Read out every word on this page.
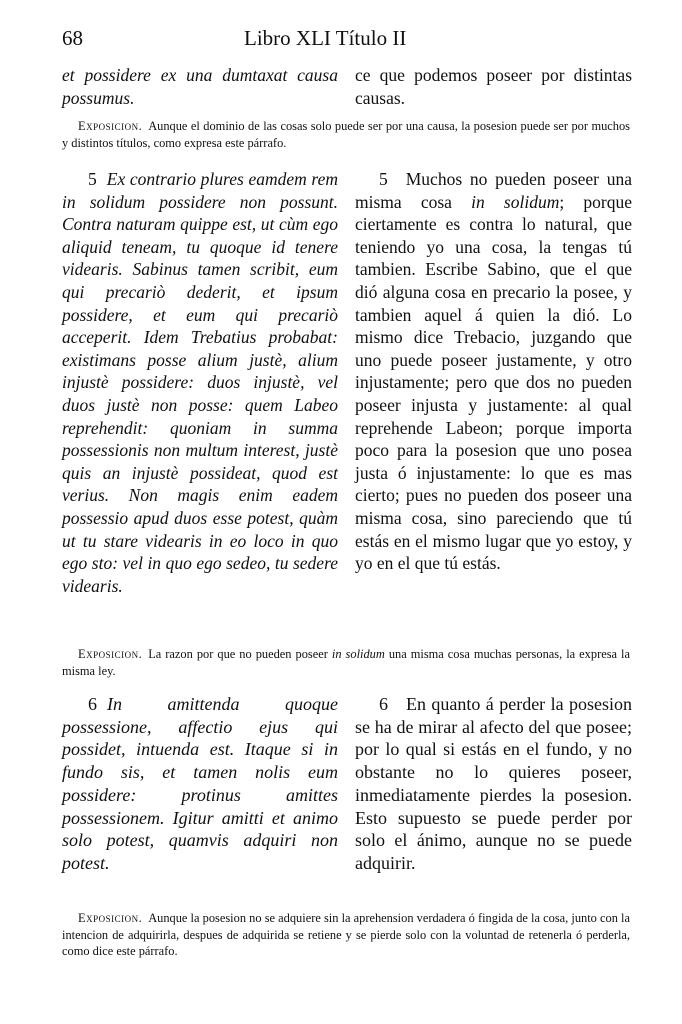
68	Libro XLI Título II
et possidere ex una dumtaxat causa possumus.
ce que podemos poseer por distintas causas.
Exposicion. Aunque el dominio de las cosas solo puede ser por una causa, la posesion puede ser por muchos y distintos títulos, como expresa este párrafo.
5 Ex contrario plures eamdem rem in solidum possidere non possunt. Contra naturam quippe est, ut cùm ego aliquid teneam, tu quoque id tenere videaris. Sabinus tamen scribit, eum qui precariò dederit, et ipsum possidere, et eum qui precariò acceperit. Idem Trebatius probabat: existimans posse alium justè, alium injustè possidere: duos injustè, vel duos justè non posse: quem Labeo reprehendit: quoniam in summa possessionis non multum interest, justè quis an injustè possideat, quod est verius. Non magis enim eadem possessio apud duos esse potest, quàm ut tu stare videaris in eo loco in quo ego sto: vel in quo ego sedeo, tu sedere videaris.
5 Muchos no pueden poseer una misma cosa in solidum; porque ciertamente es contra lo natural, que teniendo yo una cosa, la tengas tú tambien. Escribe Sabino, que el que dió alguna cosa en precario la posee, y tambien aquel á quien la dió. Lo mismo dice Trebacio, juzgando que uno puede poseer justamente, y otro injustamente; pero que dos no pueden poseer injusta y justamente: al qual reprehende Labeon; porque importa poco para la posesion que uno posea justa ó injustamente: lo que es mas cierto; pues no pueden dos poseer una misma cosa, sino pareciendo que tú estás en el mismo lugar que yo estoy, y yo en el que tú estás.
Exposicion. La razon por que no pueden poseer in solidum una misma cosa muchas personas, la expresa la misma ley.
6 In amittenda quoque possessione, affectio ejus qui possidet, intuenda est. Itaque si in fundo sis, et tamen nolis eum possidere: protinus amittes possessionem. Igitur amitti et animo solo potest, quamvis adquiri non potest.
6 En quanto á perder la posesion se ha de mirar al afecto del que posee; por lo qual si estás en el fundo, y no obstante no lo quieres poseer, inmediatamente pierdes la posesion. Esto supuesto se puede perder por solo el ánimo, aunque no se puede adquirir.
Exposicion. Aunque la posesion no se adquiere sin la aprehension verdadera ó fingida de la cosa, junto con la intencion de adquirirla, despues de adquirida se retiene y se pierde solo con la voluntad de retenerla ó perderla, como dice este párrafo.
